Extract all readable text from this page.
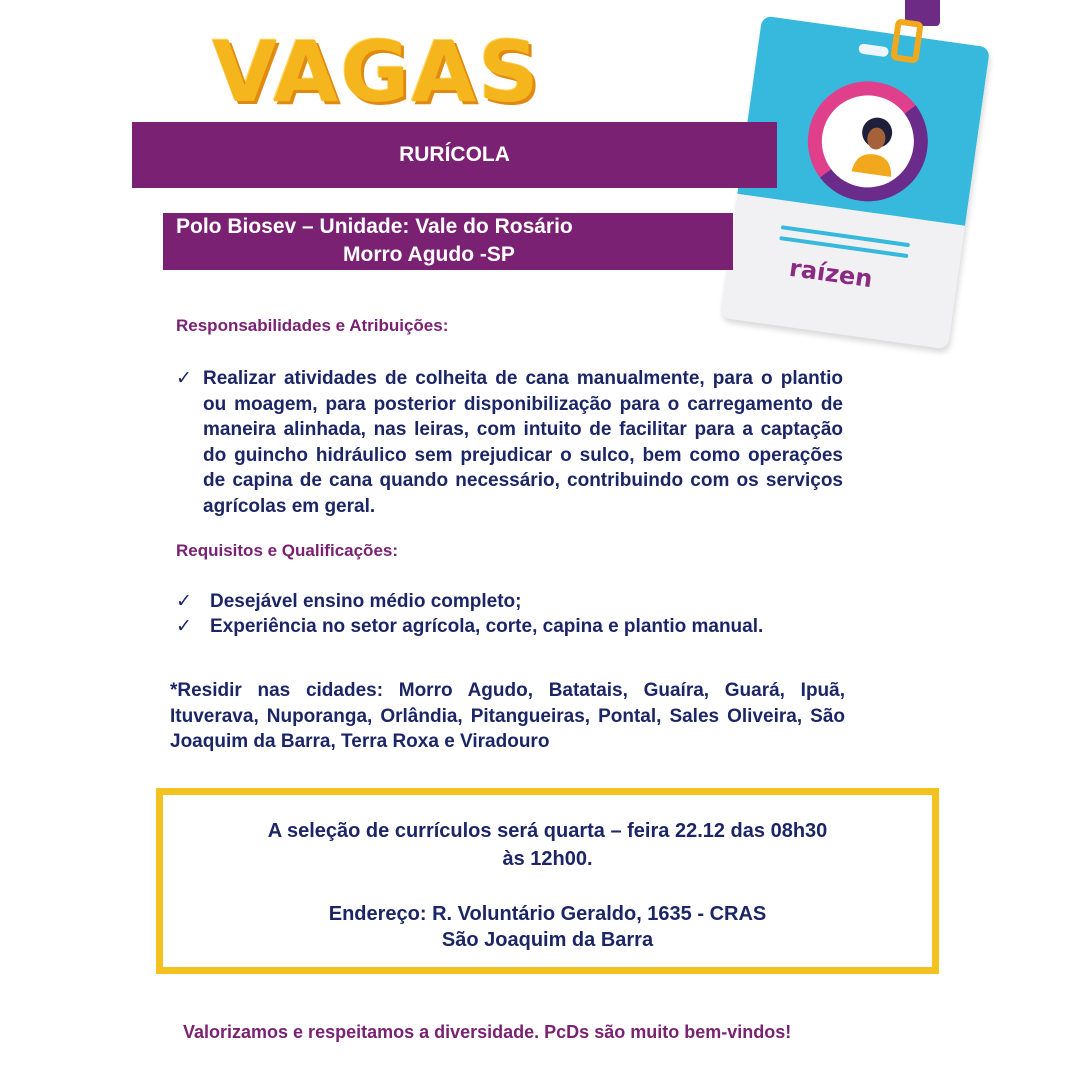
VAGAS
raízen
RURÍCOLA
Polo Biosev – Unidade: Vale do Rosário
Morro Agudo -SP
Responsabilidades e Atribuições:
✓ Realizar atividades de colheita de cana manualmente, para o plantio ou moagem, para posterior disponibilização para o carregamento de maneira alinhada, nas leiras, com intuito de facilitar para a captação do guincho hidráulico sem prejudicar o sulco, bem como operações de capina de cana quando necessário, contribuindo com os serviços agrícolas em geral.
Requisitos e Qualificações:
✓ Desejável ensino médio completo;
✓ Experiência no setor agrícola, corte, capina e plantio manual.
*Residir nas cidades: Morro Agudo, Batatais, Guaíra, Guará, Ipuã, Ituverava, Nuporanga, Orlândia, Pitangueiras, Pontal, Sales Oliveira, São Joaquim da Barra, Terra Roxa e Viradouro
A seleção de currículos será quarta – feira 22.12 das 08h30
às 12h00.
Endereço: R. Voluntário Geraldo, 1635 - CRAS
São Joaquim da Barra
Valorizamos e respeitamos a diversidade. PcDs são muito bem-vindos!
